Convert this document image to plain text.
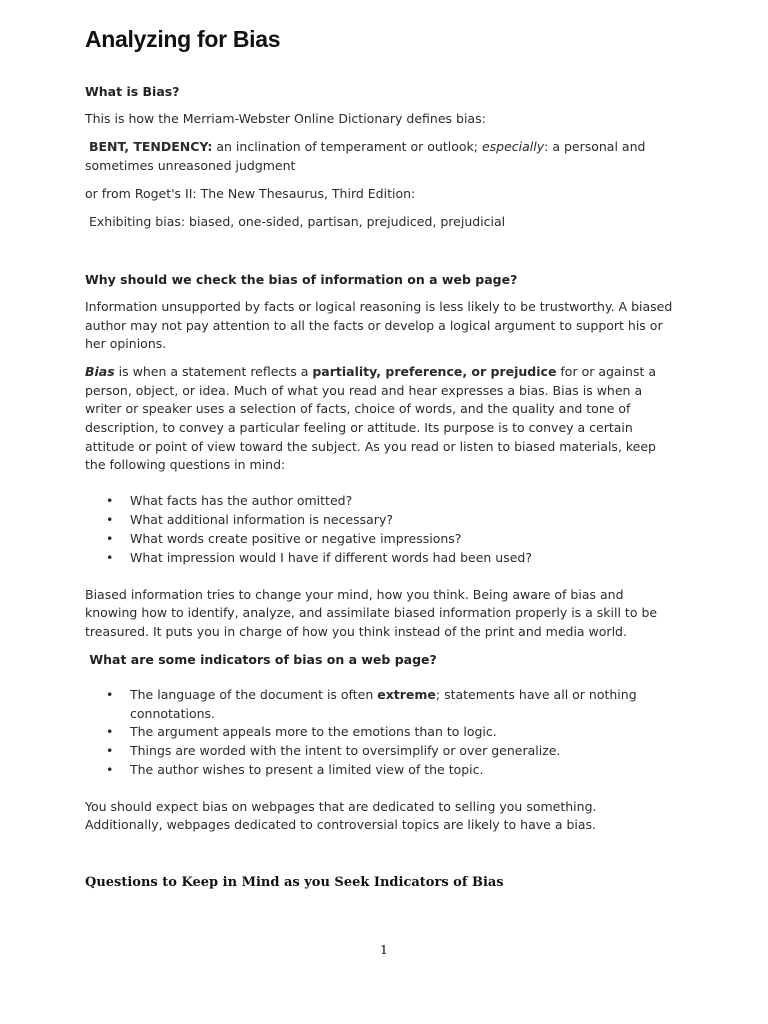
Analyzing for Bias
What is Bias?

This is how the Merriam-Webster Online Dictionary defines bias:

BENT, TENDENCY: an inclination of temperament or outlook; especially: a personal and sometimes unreasoned judgment

or from Roget's II: The New Thesaurus, Third Edition:

Exhibiting bias: biased, one-sided, partisan, prejudiced, prejudicial

Why should we check the bias of information on a web page?

Information unsupported by facts or logical reasoning is less likely to be trustworthy. A biased author may not pay attention to all the facts or develop a logical argument to support his or her opinions.

Bias is when a statement reflects a partiality, preference, or prejudice for or against a person, object, or idea. Much of what you read and hear expresses a bias. Bias is when a writer or speaker uses a selection of facts, choice of words, and the quality and tone of description, to convey a particular feeling or attitude. Its purpose is to convey a certain attitude or point of view toward the subject. As you read or listen to biased materials, keep the following questions in mind:

• What facts has the author omitted?
• What additional information is necessary?
• What words create positive or negative impressions?
• What impression would I have if different words had been used?

Biased information tries to change your mind, how you think. Being aware of bias and knowing how to identify, analyze, and assimilate biased information properly is a skill to be treasured. It puts you in charge of how you think instead of the print and media world.

What are some indicators of bias on a web page?
• The language of the document is often extreme; statements have all or nothing connotations.
• The argument appeals more to the emotions than to logic.
• Things are worded with the intent to oversimplify or over generalize.
• The author wishes to present a limited view of the topic.

You should expect bias on webpages that are dedicated to selling you something. Additionally, webpages dedicated to controversial topics are likely to have a bias.

Questions to Keep in Mind as you Seek Indicators of Bias
1
